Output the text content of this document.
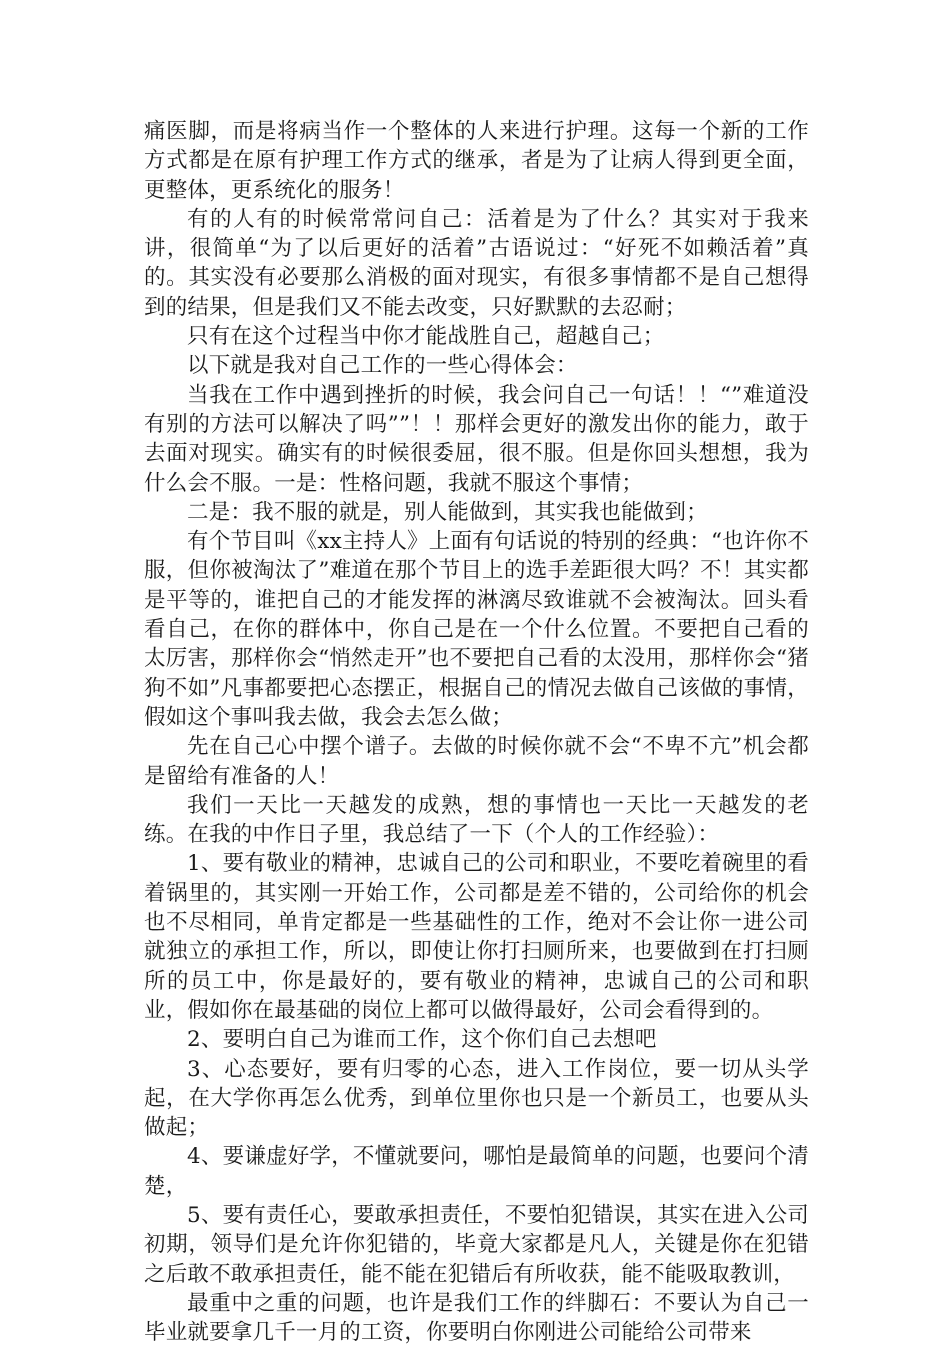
痛医脚，而是将病当作一个整体的人来进行护理。这每一个新的工作方式都是在原有护理工作方式的继承，者是为了让病人得到更全面，更整体，更系统化的服务！

有的人有的时候常常问自己：活着是为了什么？其实对于我来讲，很简单“为了以后更好的活着”古语说过：“好死不如赖活着”真的。其实没有必要那么消极的面对现实，有很多事情都不是自己想得到的结果，但是我们又不能去改变，只好默默的去忍耐；

只有在这个过程当中你才能战胜自己，超越自己；

以下就是我对自己工作的一些心得体会：

当我在工作中遇到挫折的时候，我会问自己一句话！！“”难道没有别的方法可以解决了吗””！！那样会更好的激发出你的能力，敢于去面对现实。确实有的时候很委屈，很不服。但是你回头想想，我为什么会不服。一是：性格问题，我就不服这个事情；

二是：我不服的就是，别人能做到，其实我也能做到；

有个节目叫《xx主持人》上面有句话说的特别的经典：“也许你不服，但你被淘汰了”难道在那个节目上的选手差距很大吗？不！其实都是平等的，谁把自己的才能发挥的淋漓尽致谁就不会被淘汰。回头看看自己，在你的群体中，你自己是在一个什么位置。不要把自己看的太厉害，那样你会“悄然走开”也不要把自己看的太没用，那样你会“猪狗不如”凡事都要把心态摆正，根据自己的情况去做自己该做的事情，假如这个事叫我去做，我会去怎么做；

先在自己心中摆个谱子。去做的时候你就不会“不卑不亢”机会都是留给有准备的人！

我们一天比一天越发的成熟，想的事情也一天比一天越发的老练。在我的中作日子里，我总结了一下（个人的工作经验）：

1、要有敬业的精神，忠诚自己的公司和职业，不要吃着碗里的看着锅里的，其实刚一开始工作，公司都是差不错的，公司给你的机会也不尽相同，单肯定都是一些基础性的工作，绝对不会让你一进公司就独立的承担工作，所以，即使让你打扫厕所来，也要做到在打扫厕所的员工中，你是最好的，要有敬业的精神，忠诚自己的公司和职业，假如你在最基础的岗位上都可以做得最好，公司会看得到的。

2、要明白自己为谁而工作，这个你们自己去想吧

3、心态要好，要有归零的心态，进入工作岗位，要一切从头学起，在大学你再怎么优秀，到单位里你也只是一个新员工，也要从头做起；

4、要谦虚好学，不懂就要问，哪怕是最简单的问题，也要问个清楚，

5、要有责任心，要敢承担责任，不要怕犯错误，其实在进入公司初期，领导们是允许你犯错的，毕竟大家都是凡人，关键是你在犯错之后敢不敢承担责任，能不能在犯错后有所收获，能不能吸取教训，

最重中之重的问题，也许是我们工作的绊脚石：不要认为自己一毕业就要拿几千一月的工资，你要明白你刚进公司能给公司带来
